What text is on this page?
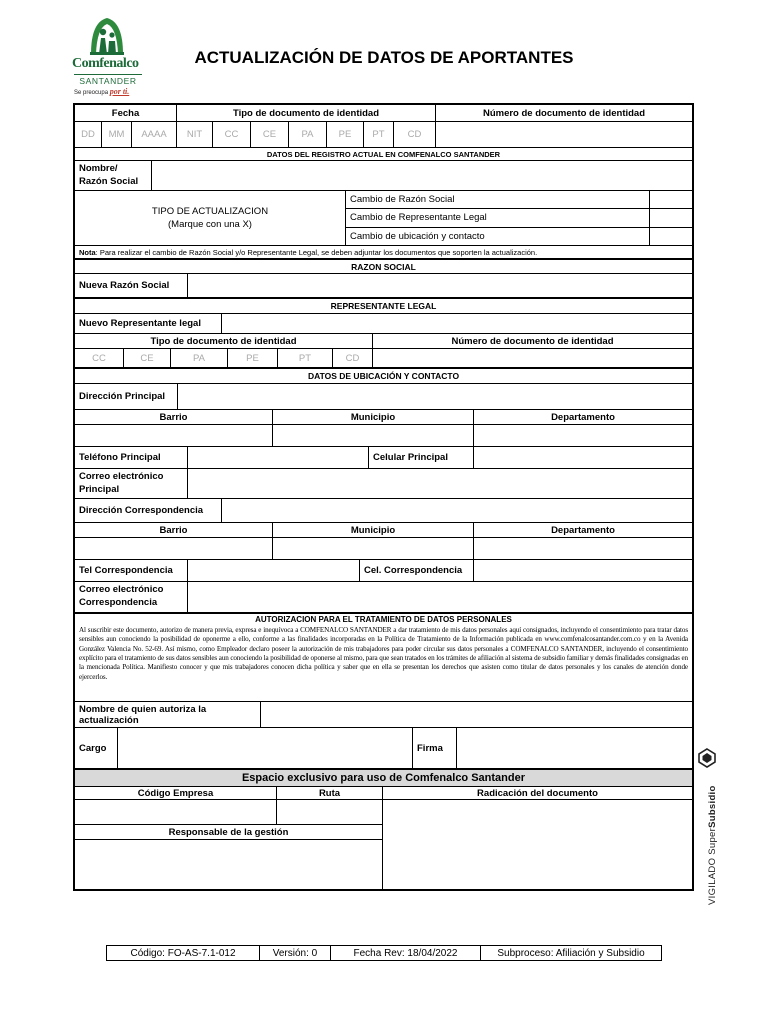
Comfenalco
SANTANDER
Se preocupa por ti.
ACTUALIZACIÓN DE DATOS DE APORTANTES
Fecha	Tipo de documento de identidad	Número de documento de identidad
DD	MM	AAAA	NIT	CC	CE	PA	PE	PT	CD
DATOS DEL REGISTRO ACTUAL EN COMFENALCO SANTANDER
Nombre/
Razón Social
TIPO DE ACTUALIZACION
(Marque con una X)
Cambio de Razón Social
Cambio de Representante Legal
Cambio de ubicación y contacto
Nota : Para realizar el cambio de Razón Social y/o Representante Legal, se deben adjuntar los documentos que soporten la actualización.
RAZON SOCIAL
Nueva Razón Social
REPRESENTANTE LEGAL
Nuevo Representante legal
Tipo de documento de identidad	Número de documento de identidad
CC	CE	PA	PE	PT	CD
DATOS DE UBICACIÓN Y CONTACTO
Dirección Principal
Barrio	Municipio	Departamento
Teléfono Principal	Celular Principal
Correo electrónico
Principal
Dirección Correspondencia
Barrio	Municipio	Departamento
Tel Correspondencia	Cel. Correspondencia
Correo electrónico
Correspondencia
AUTORIZACION PARA EL TRATAMIENTO DE DATOS PERSONALES
Al suscribir este documento, autorizo de manera previa, expresa e inequívoca a COMFENALCO SANTANDER a dar tratamiento de mis datos personales aquí consignados, incluyendo el consentimiento para tratar datos sensibles aun conociendo la posibilidad de oponerme a ello, conforme a las finalidades incorporadas en la Política de Tratamiento de la Información publicada en www.comfenalcosantander.com.co y en la Avenida González Valencia No. 52-69. Así mismo, como Empleador declaro poseer la autorización de mis trabajadores para poder circular sus datos personales a COMFENALCO SANTANDER, incluyendo el consentimiento explícito para el tratamiento de sus datos sensibles aun conociendo la posibilidad de oponerse al mismo, para que sean tratados en los trámites de afiliación al sistema de subsidio familiar y demás finalidades consignadas en la mencionada Política. Manifiesto conocer y que mis trabajadores conocen dicha política y saber que en ella se presentan los derechos que asisten como titular de datos personales y los canales de atención donde ejercerlos.
Nombre de quien autoriza la actualización
Cargo	Firma
Espacio exclusivo para uso de Comfenalco Santander
Código Empresa	Ruta	Radicación del documento
Responsable de la gestión
VIGILADO SuperSubsidio
Código: FO-AS-7.1-012	Versión: 0	Fecha Rev: 18/04/2022	Subproceso: Afiliación y Subsidio
